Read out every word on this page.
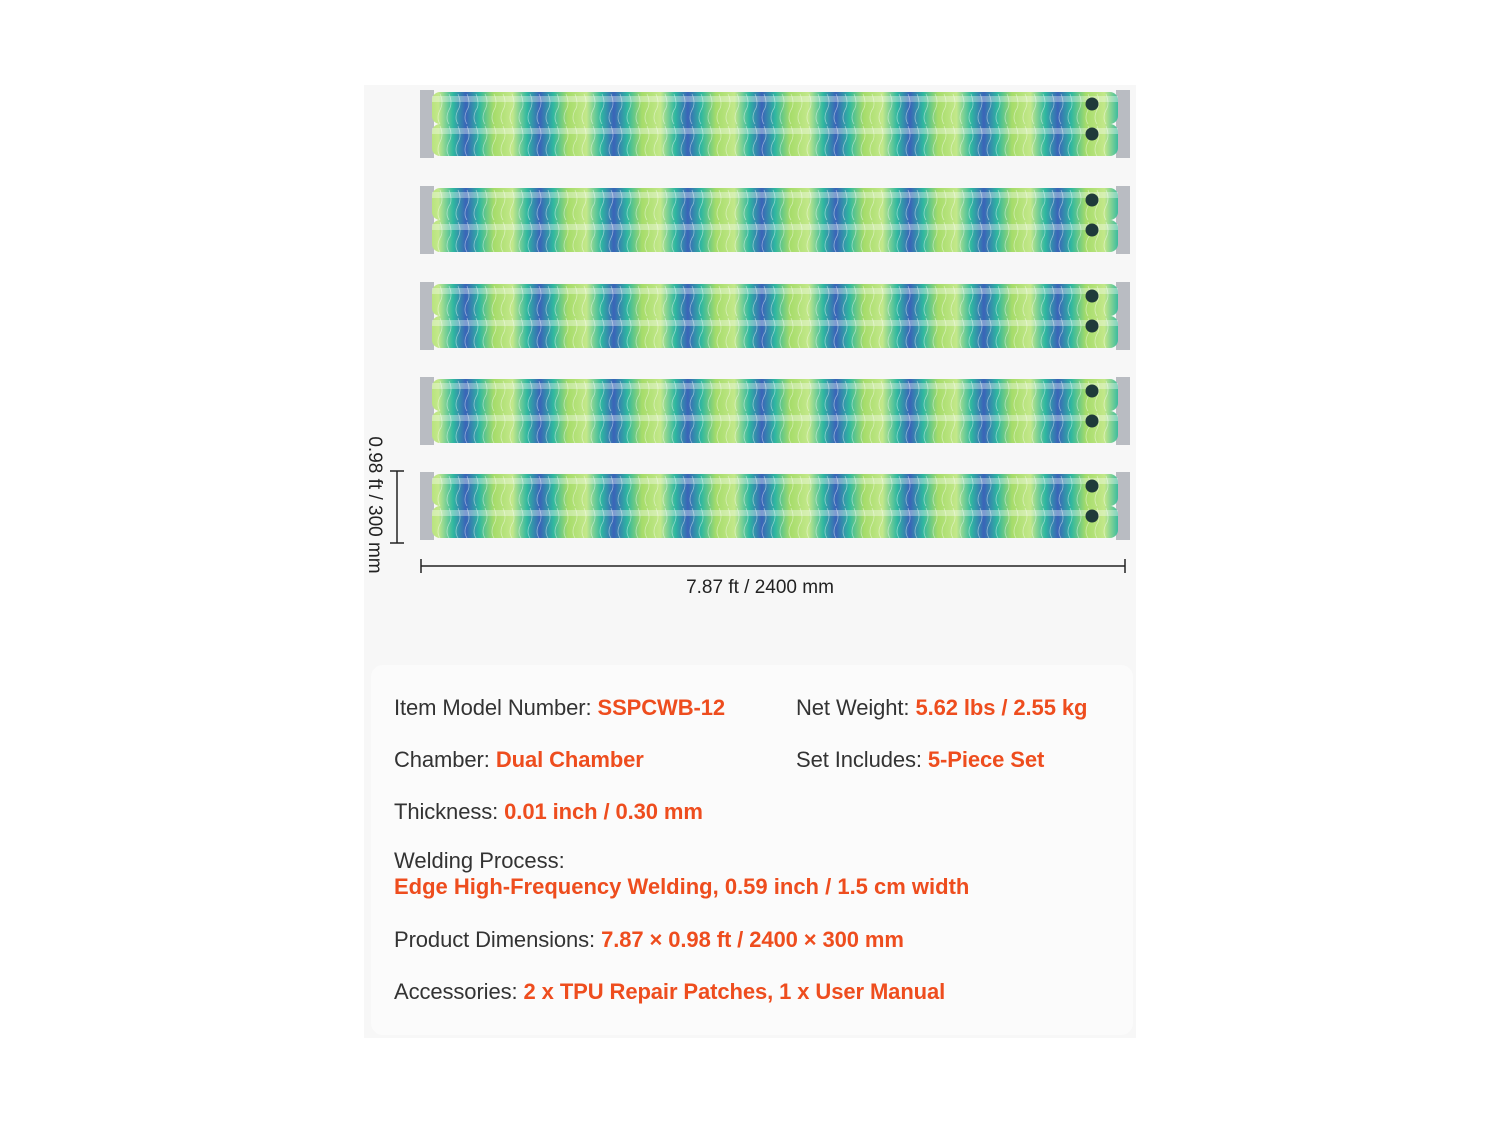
0.98 ft / 300 mm
7.87 ft / 2400 mm
Item Model Number: SSPCWB-12	Net Weight: 5.62 lbs / 2.55 kg
Chamber: Dual Chamber	Set Includes: 5-Piece Set
Thickness: 0.01 inch / 0.30 mm
Welding Process:
Edge High-Frequency Welding, 0.59 inch / 1.5 cm width
Product Dimensions: 7.87 × 0.98 ft / 2400 × 300 mm
Accessories: 2 x TPU Repair Patches, 1 x User Manual
